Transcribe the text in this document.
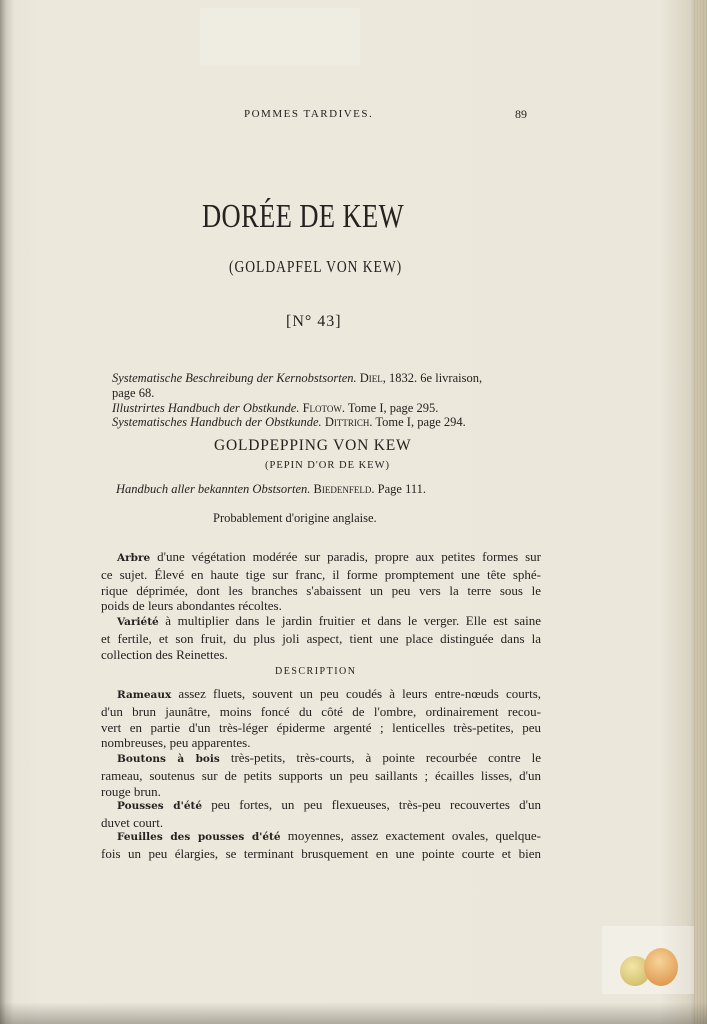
POMMES TARDIVES.	89
DORÉE DE KEW
(GOLDAPFEL VON KEW)
[N° 43]
Systematische Beschreibung der Kernobstsorten. Diel, 1832. 6e livraison,
page 68.
Illustrirtes Handbuch der Obstkunde. Flotow. Tome I, page 295.
Systematisches Handbuch der Obstkunde. Dittrich. Tome I, page 294.
GOLDPEPPING VON KEW
(PEPIN D'OR DE KEW)
Handbuch aller bekannten Obstsorten. Biedenfeld. Page 111.
Probablement d'origine anglaise.
Arbre d'une végétation modérée sur paradis, propre aux petites formes sur
ce sujet. Élevé en haute tige sur franc, il forme promptement une tête sphé-
rique déprimée, dont les branches s'abaissent un peu vers la terre sous le
poids de leurs abondantes récoltes.
Variété à multiplier dans le jardin fruitier et dans le verger. Elle est saine
et fertile, et son fruit, du plus joli aspect, tient une place distinguée dans la
collection des Reinettes.
DESCRIPTION
Rameaux assez fluets, souvent un peu coudés à leurs entre-nœuds courts,
d'un brun jaunâtre, moins foncé du côté de l'ombre, ordinairement recou-
vert en partie d'un très-léger épiderme argenté ; lenticelles très-petites, peu
nombreuses, peu apparentes.
Boutons à bois très-petits, très-courts, à pointe recourbée contre le
rameau, soutenus sur de petits supports un peu saillants ; écailles lisses, d'un
rouge brun.
Pousses d'été peu fortes, un peu flexueuses, très-peu recouvertes d'un
duvet court.
Feuilles des pousses d'été moyennes, assez exactement ovales, quelque-
fois un peu élargies, se terminant brusquement en une pointe courte et bien
